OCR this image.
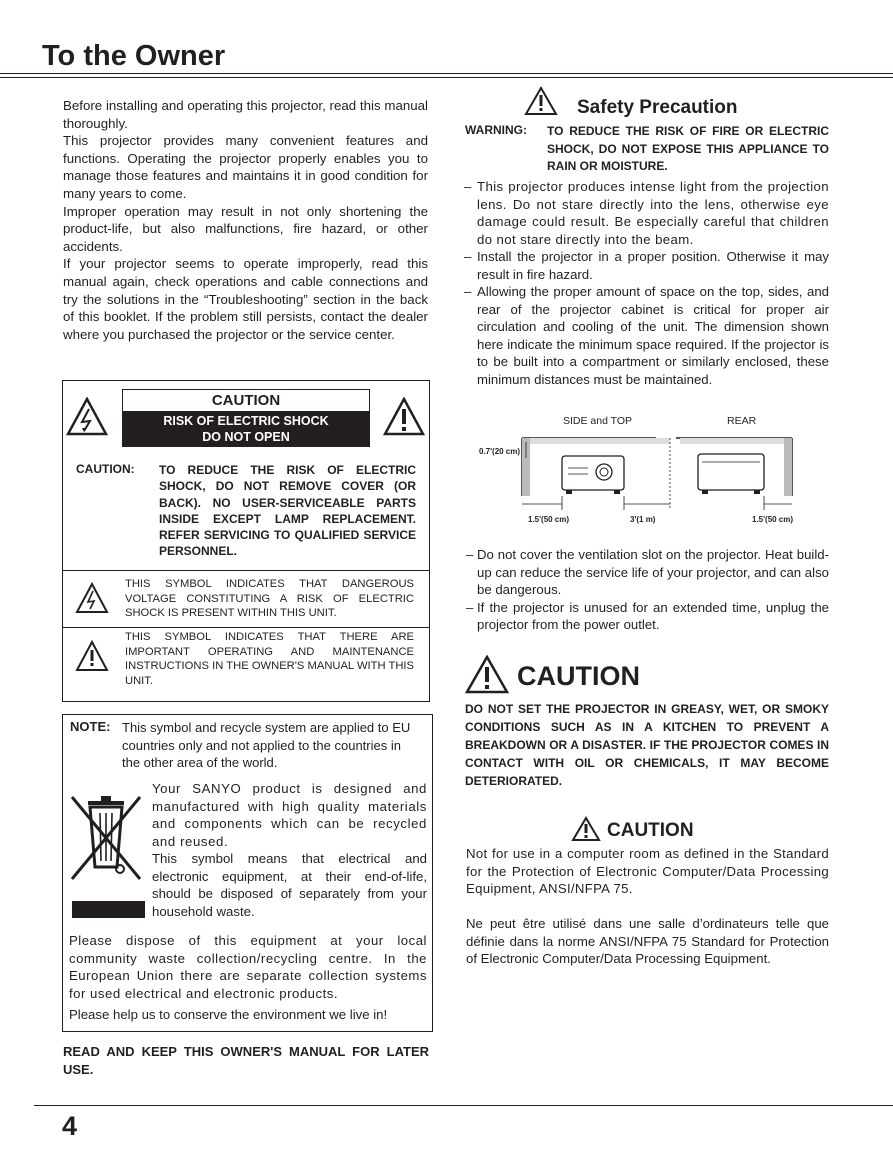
To the Owner

Before installing and operating this projector, read this manual thoroughly.

This projector provides many convenient features and functions. Operating the projector properly enables you to manage those features and maintains it in good condition for many years to come.

Improper operation may result in not only shortening the product-life, but also malfunctions, fire hazard, or other accidents.

If your projector seems to operate improperly, read this manual again, check operations and cable connections and try the solutions in the “Troubleshooting” section in the back of this booklet. If the problem still persists, contact the dealer where you purchased the projector or the service center.

CAUTION
RISK OF ELECTRIC SHOCK
DO NOT OPEN
CAUTION: TO REDUCE THE RISK OF ELECTRIC SHOCK, DO NOT REMOVE COVER (OR BACK). NO USER-SERVICEABLE PARTS INSIDE EXCEPT LAMP REPLACEMENT. REFER SERVICING TO QUALIFIED SERVICE PERSONNEL.
THIS SYMBOL INDICATES THAT DANGEROUS VOLTAGE CONSTITUTING A RISK OF ELECTRIC SHOCK IS PRESENT WITHIN THIS UNIT.
THIS SYMBOL INDICATES THAT THERE ARE IMPORTANT OPERATING AND MAINTENANCE INSTRUCTIONS IN THE OWNER'S MANUAL WITH THIS UNIT.
NOTE: This symbol and recycle system are applied to EU countries only and not applied to the countries in the other area of the world.

Your SANYO product is designed and manufactured with high quality materials and components which can be recycled and reused.

This symbol means that electrical and electronic equipment, at their end-of-life, should be disposed of separately from your household waste.

Please dispose of this equipment at your local community waste collection/recycling centre. In the European Union there are separate collection systems for used electrical and electronic products.

Please help us to conserve the environment we live in!

READ AND KEEP THIS OWNER'S MANUAL FOR LATER USE.
Safety Precaution
WARNING: TO REDUCE THE RISK OF FIRE OR ELECTRIC SHOCK, DO NOT EXPOSE THIS APPLIANCE TO RAIN OR MOISTURE.
– This projector produces intense light from the projection lens. Do not stare directly into the lens, otherwise eye damage could result. Be especially careful that children do not stare directly into the beam.
– Install the projector in a proper position. Otherwise it may result in fire hazard.
– Allowing the proper amount of space on the top, sides, and rear of the projector cabinet is critical for proper air circulation and cooling of the unit. The dimension shown here indicate the minimum space required. If the projector is to be built into a compartment or similarly enclosed, these minimum distances must be maintained.
SIDE and TOP	REAR
0.7'(20 cm)
1.5'(50 cm)	3'(1 m)	1.5'(50 cm)
– Do not cover the ventilation slot on the projector. Heat build-up can reduce the service life of your projector, and can also be dangerous.
– If the projector is unused for an extended time, unplug the projector from the power outlet.
CAUTION
DO NOT SET THE PROJECTOR IN GREASY, WET, OR SMOKY CONDITIONS SUCH AS IN A KITCHEN TO PREVENT A BREAKDOWN OR A DISASTER. IF THE PROJECTOR COMES IN CONTACT WITH OIL OR CHEMICALS, IT MAY BECOME DETERIORATED.
CAUTION
Not for use in a computer room as defined in the Standard for the Protection of Electronic Computer/Data Processing Equipment, ANSI/NFPA 75.
Ne peut être utilisé dans une salle d’ordinateurs telle que définie dans la norme ANSI/NFPA 75 Standard for Protection of Electronic Computer/Data Processing Equipment.
4
